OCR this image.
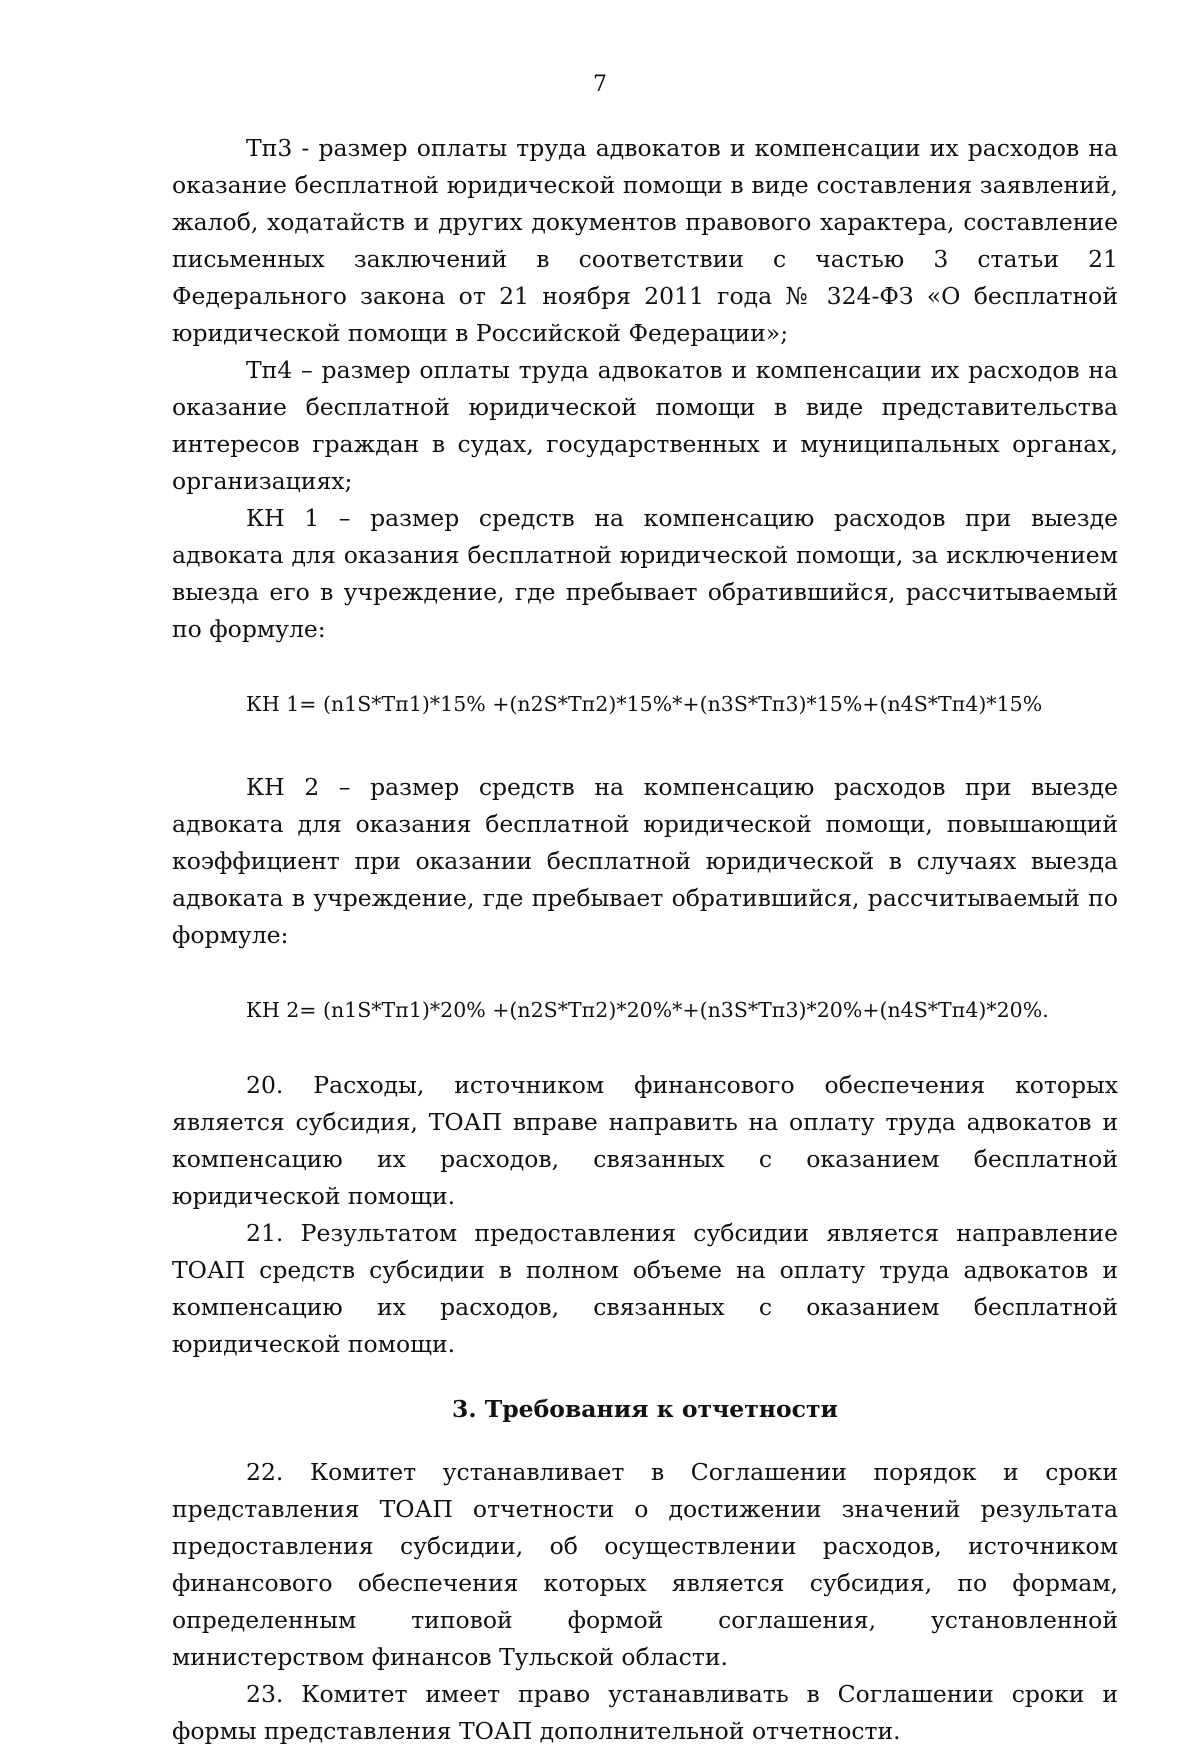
7

Тп3 - размер оплаты труда адвокатов и компенсации их расходов на оказание бесплатной юридической помощи в виде составления заявлений, жалоб, ходатайств и других документов правового характера, составление письменных заключений в соответствии с частью 3 статьи 21 Федерального закона от 21 ноября 2011 года № 324-ФЗ «О бесплатной юридической помощи в Российской Федерации»;

Тп4 – размер оплаты труда адвокатов и компенсации их расходов на оказание бесплатной юридической помощи в виде представительства интересов граждан в судах, государственных и муниципальных органах, организациях;

КН 1 – размер средств на компенсацию расходов при выезде адвоката для оказания бесплатной юридической помощи, за исключением выезда его в учреждение, где пребывает обратившийся, рассчитываемый по формуле:

КН 1= (n1S*Тп1)*15% +(n2S*Тп2)*15%*+(n3S*Тп3)*15%+(n4S*Тп4)*15%

КН 2 – размер средств на компенсацию расходов при выезде адвоката для оказания бесплатной юридической помощи, повышающий коэффициент при оказании бесплатной юридической в случаях выезда адвоката в учреждение, где пребывает обратившийся, рассчитываемый по формуле:

КН 2= (n1S*Тп1)*20% +(n2S*Тп2)*20%*+(n3S*Тп3)*20%+(n4S*Тп4)*20%.

20. Расходы, источником финансового обеспечения которых является субсидия, ТОАП вправе направить на оплату труда адвокатов и компенсацию их расходов, связанных с оказанием бесплатной юридической помощи.

21. Результатом предоставления субсидии является направление ТОАП средств субсидии в полном объеме на оплату труда адвокатов и компенсацию их расходов, связанных с оказанием бесплатной юридической помощи.

3. Требования к отчетности

22. Комитет устанавливает в Соглашении порядок и сроки представления ТОАП отчетности о достижении значений результата предоставления субсидии, об осуществлении расходов, источником финансового обеспечения которых является субсидия, по формам, определенным типовой формой соглашения, установленной министерством финансов Тульской области.

23. Комитет имеет право устанавливать в Соглашении сроки и формы представления ТОАП дополнительной отчетности.
